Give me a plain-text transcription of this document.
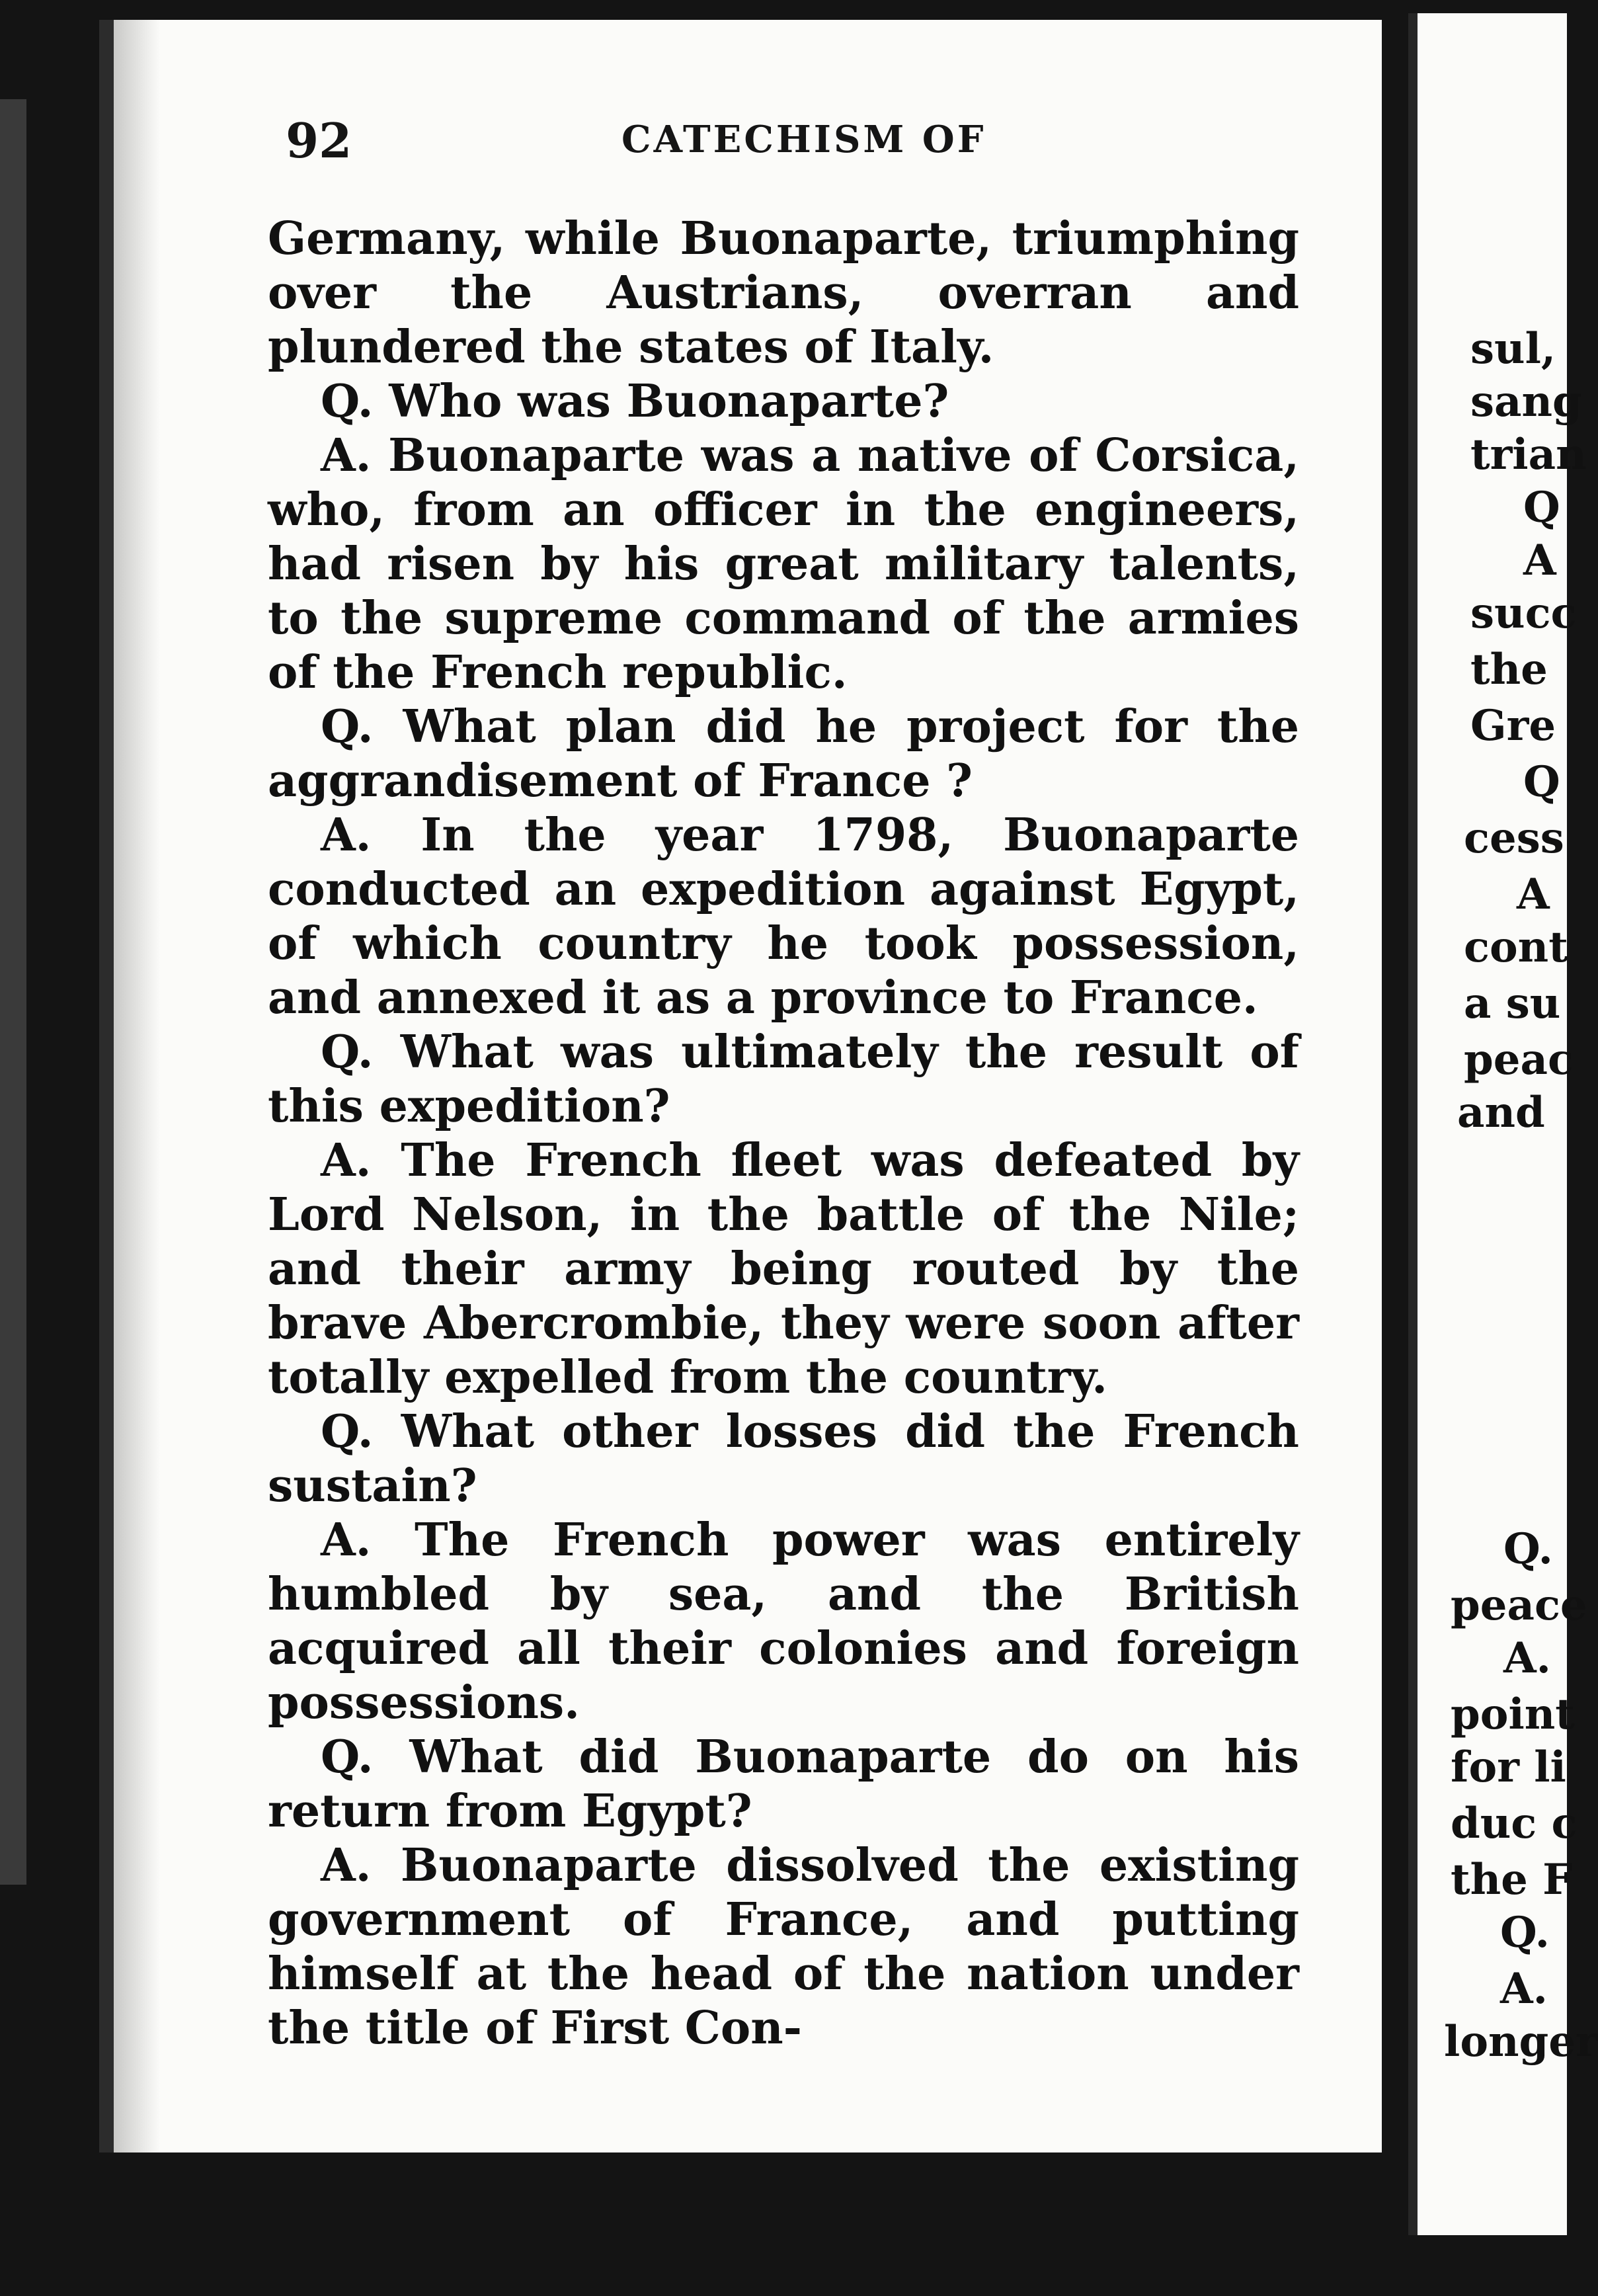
92	CATECHISM OF

Germany, while Buonaparte, triumphing over the Austrians, overran and plundered the states of Italy.

Q. Who was Buonaparte?

A. Buonaparte was a native of Corsica, who, from an officer in the engineers, had risen by his great military talents, to the supreme command of the armies of the French republic.

Q. What plan did he project for the aggrandisement of France ?

A. In the year 1798, Buonaparte conducted an expedition against Egypt, of which country he took possession, and annexed it as a province to France.

Q. What was ultimately the result of this expedition?

A. The French fleet was defeated by Lord Nelson, in the battle of the Nile; and their army being routed by the brave Abercrombie, they were soon after totally expelled from the country.

Q. What other losses did the French sustain?

A. The French power was entirely humbled by sea, and the British acquired all their colonies and foreign possessions.

Q. What did Buonaparte do on his return from Egypt?

A. Buonaparte dissolved the existing government of France, and putting himself at the head of the nation under the title of First Con-

sul,
sang
trian
Q
A
succ
the
Gre
Q
cess
A
cont
a su
peac
and
Q.
peace
A.
point
for li
duc c
the F
Q.
A.
longer
